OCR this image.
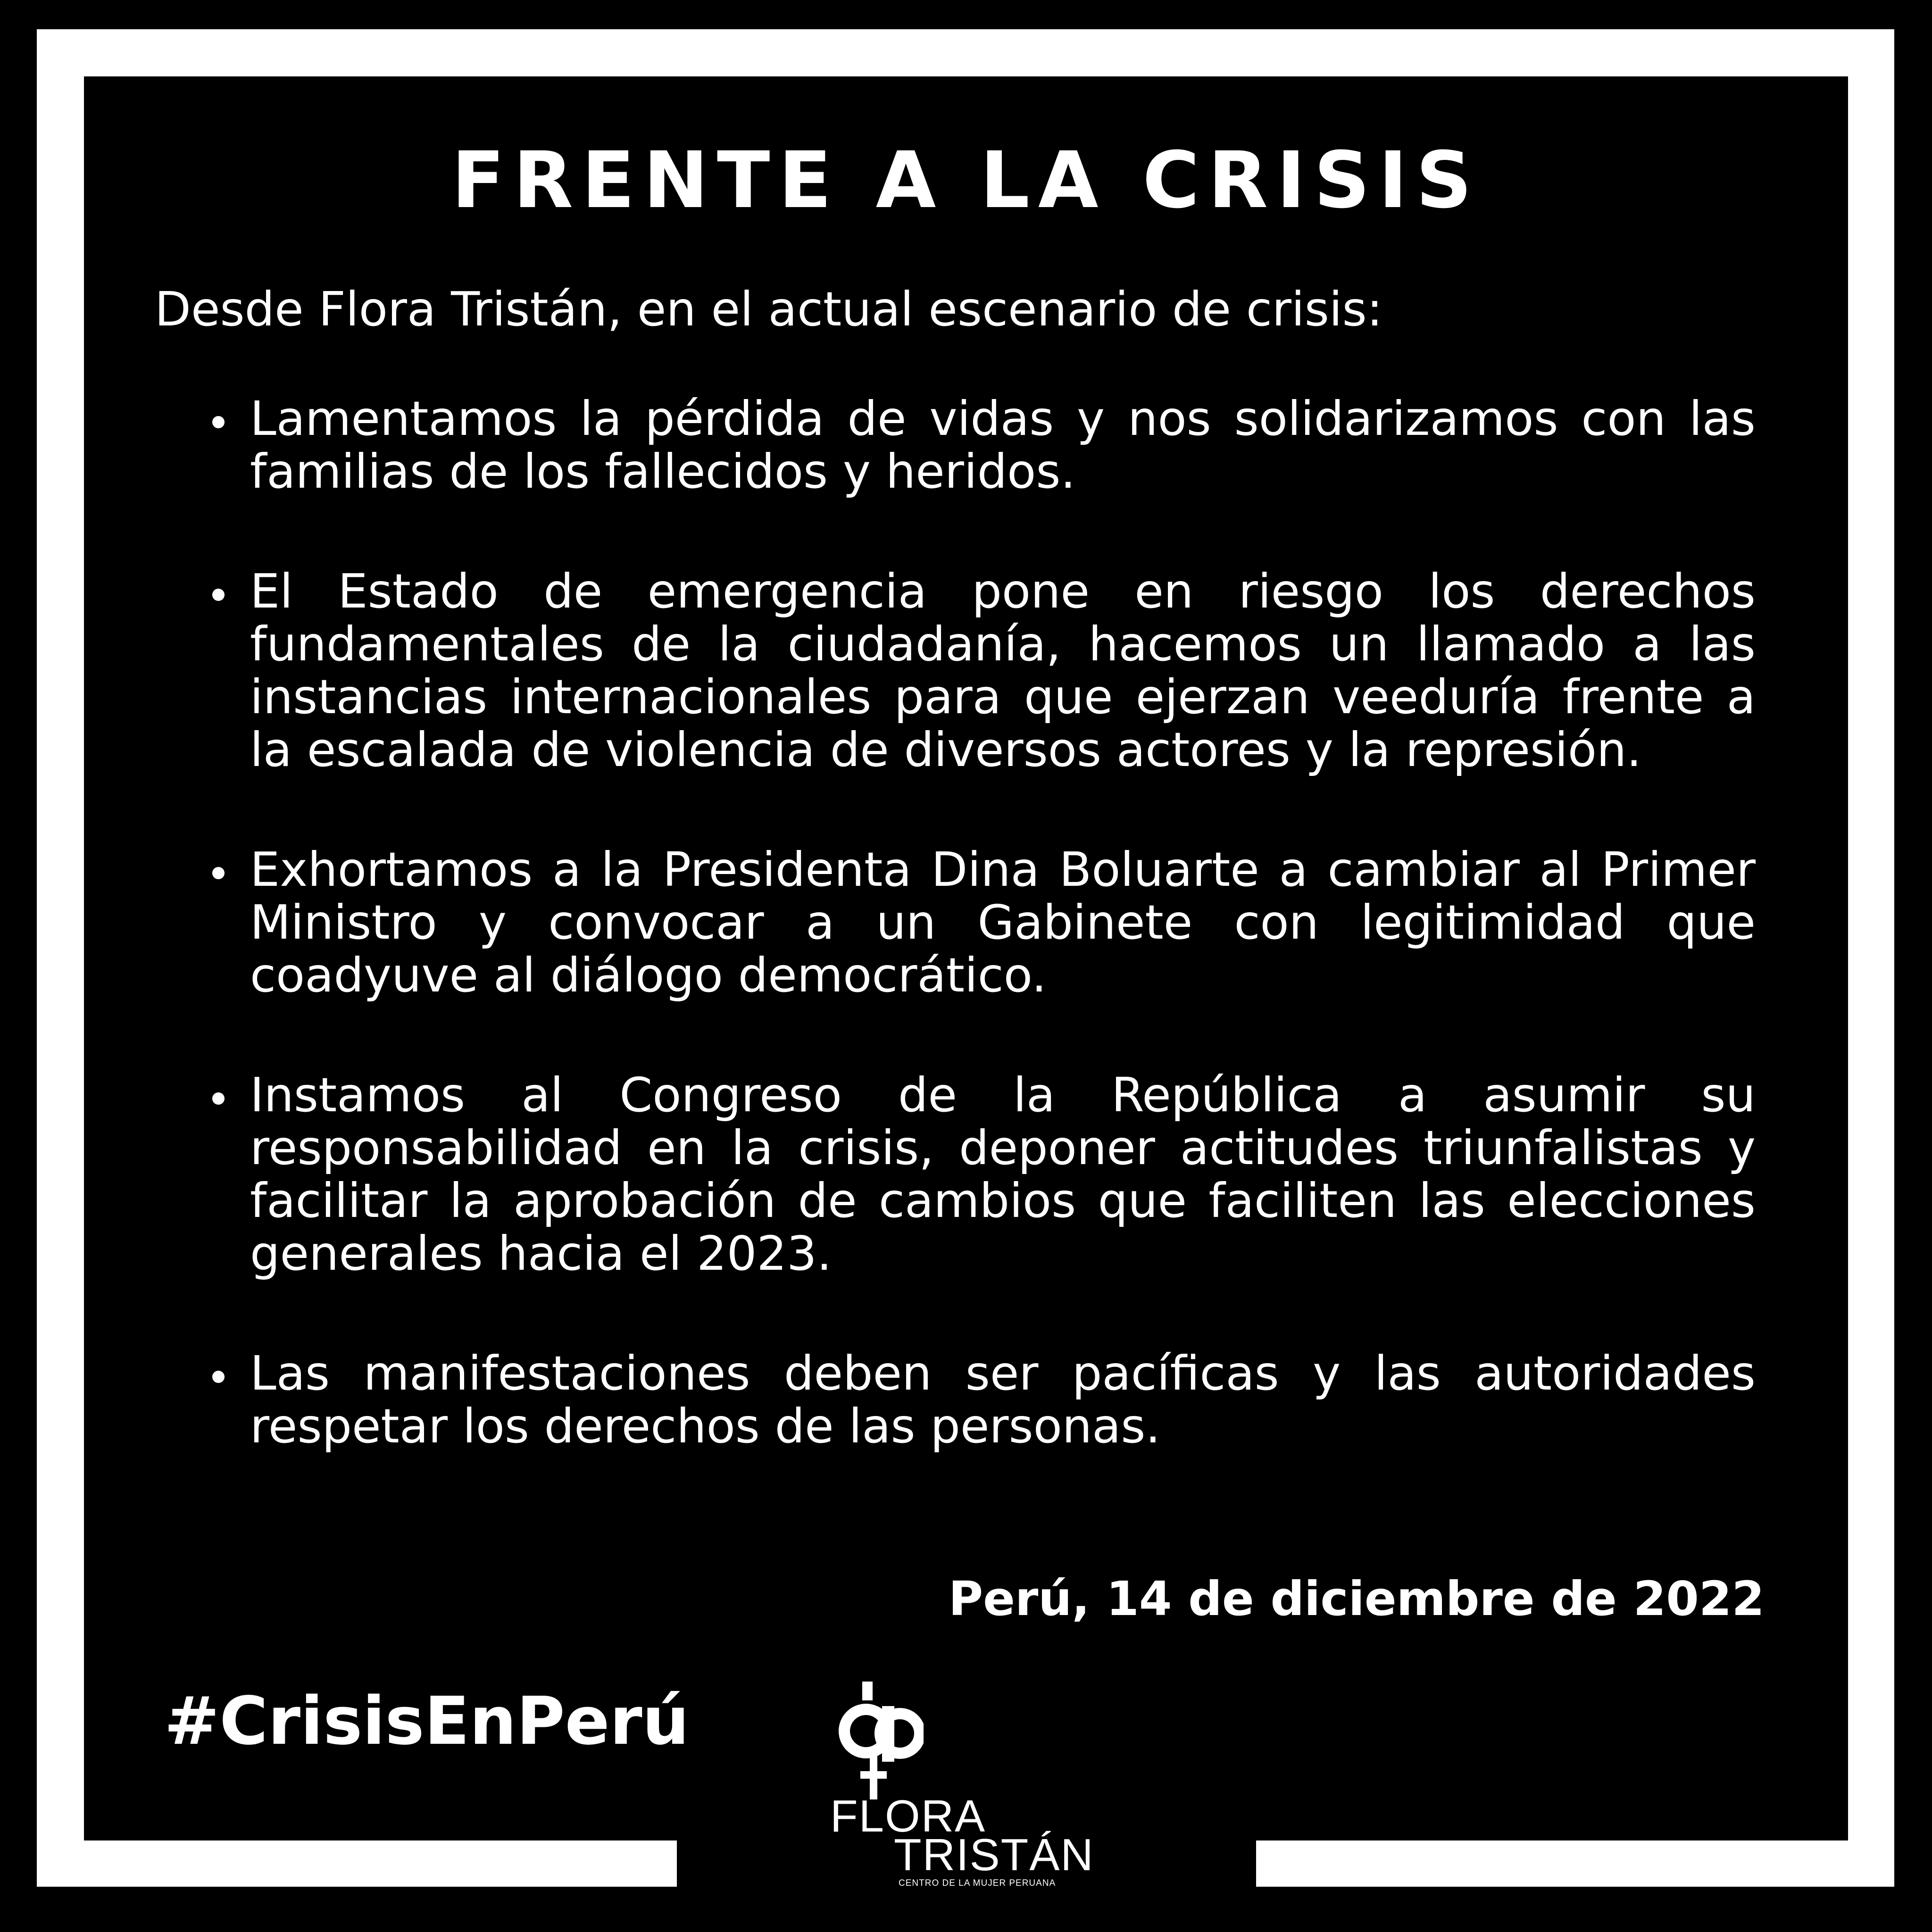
FRENTE A LA CRISIS
Desde Flora Tristán, en el actual escenario de crisis:
Lamentamos la pérdida de vidas y nos solidarizamos con las familias de los fallecidos y heridos.
El Estado de emergencia pone en riesgo los derechos fundamentales de la ciudadanía, hacemos un llamado a las instancias internacionales para que ejerzan veeduría frente a la escalada de violencia de diversos actores y la represión.
Exhortamos a la Presidenta Dina Boluarte a cambiar al Primer Ministro y convocar a un Gabinete con legitimidad que coadyuve al diálogo democrático.
Instamos al Congreso de la República a asumir su responsabilidad en la crisis, deponer actitudes triunfalistas y facilitar la aprobación de cambios que faciliten las elecciones generales hacia el 2023.
Las manifestaciones deben ser pacíficas y las autoridades respetar los derechos de las personas.
Perú, 14 de diciembre de 2022
#CrisisEnPerú
FLORA
TRISTÁN
CENTRO DE LA MUJER PERUANA
